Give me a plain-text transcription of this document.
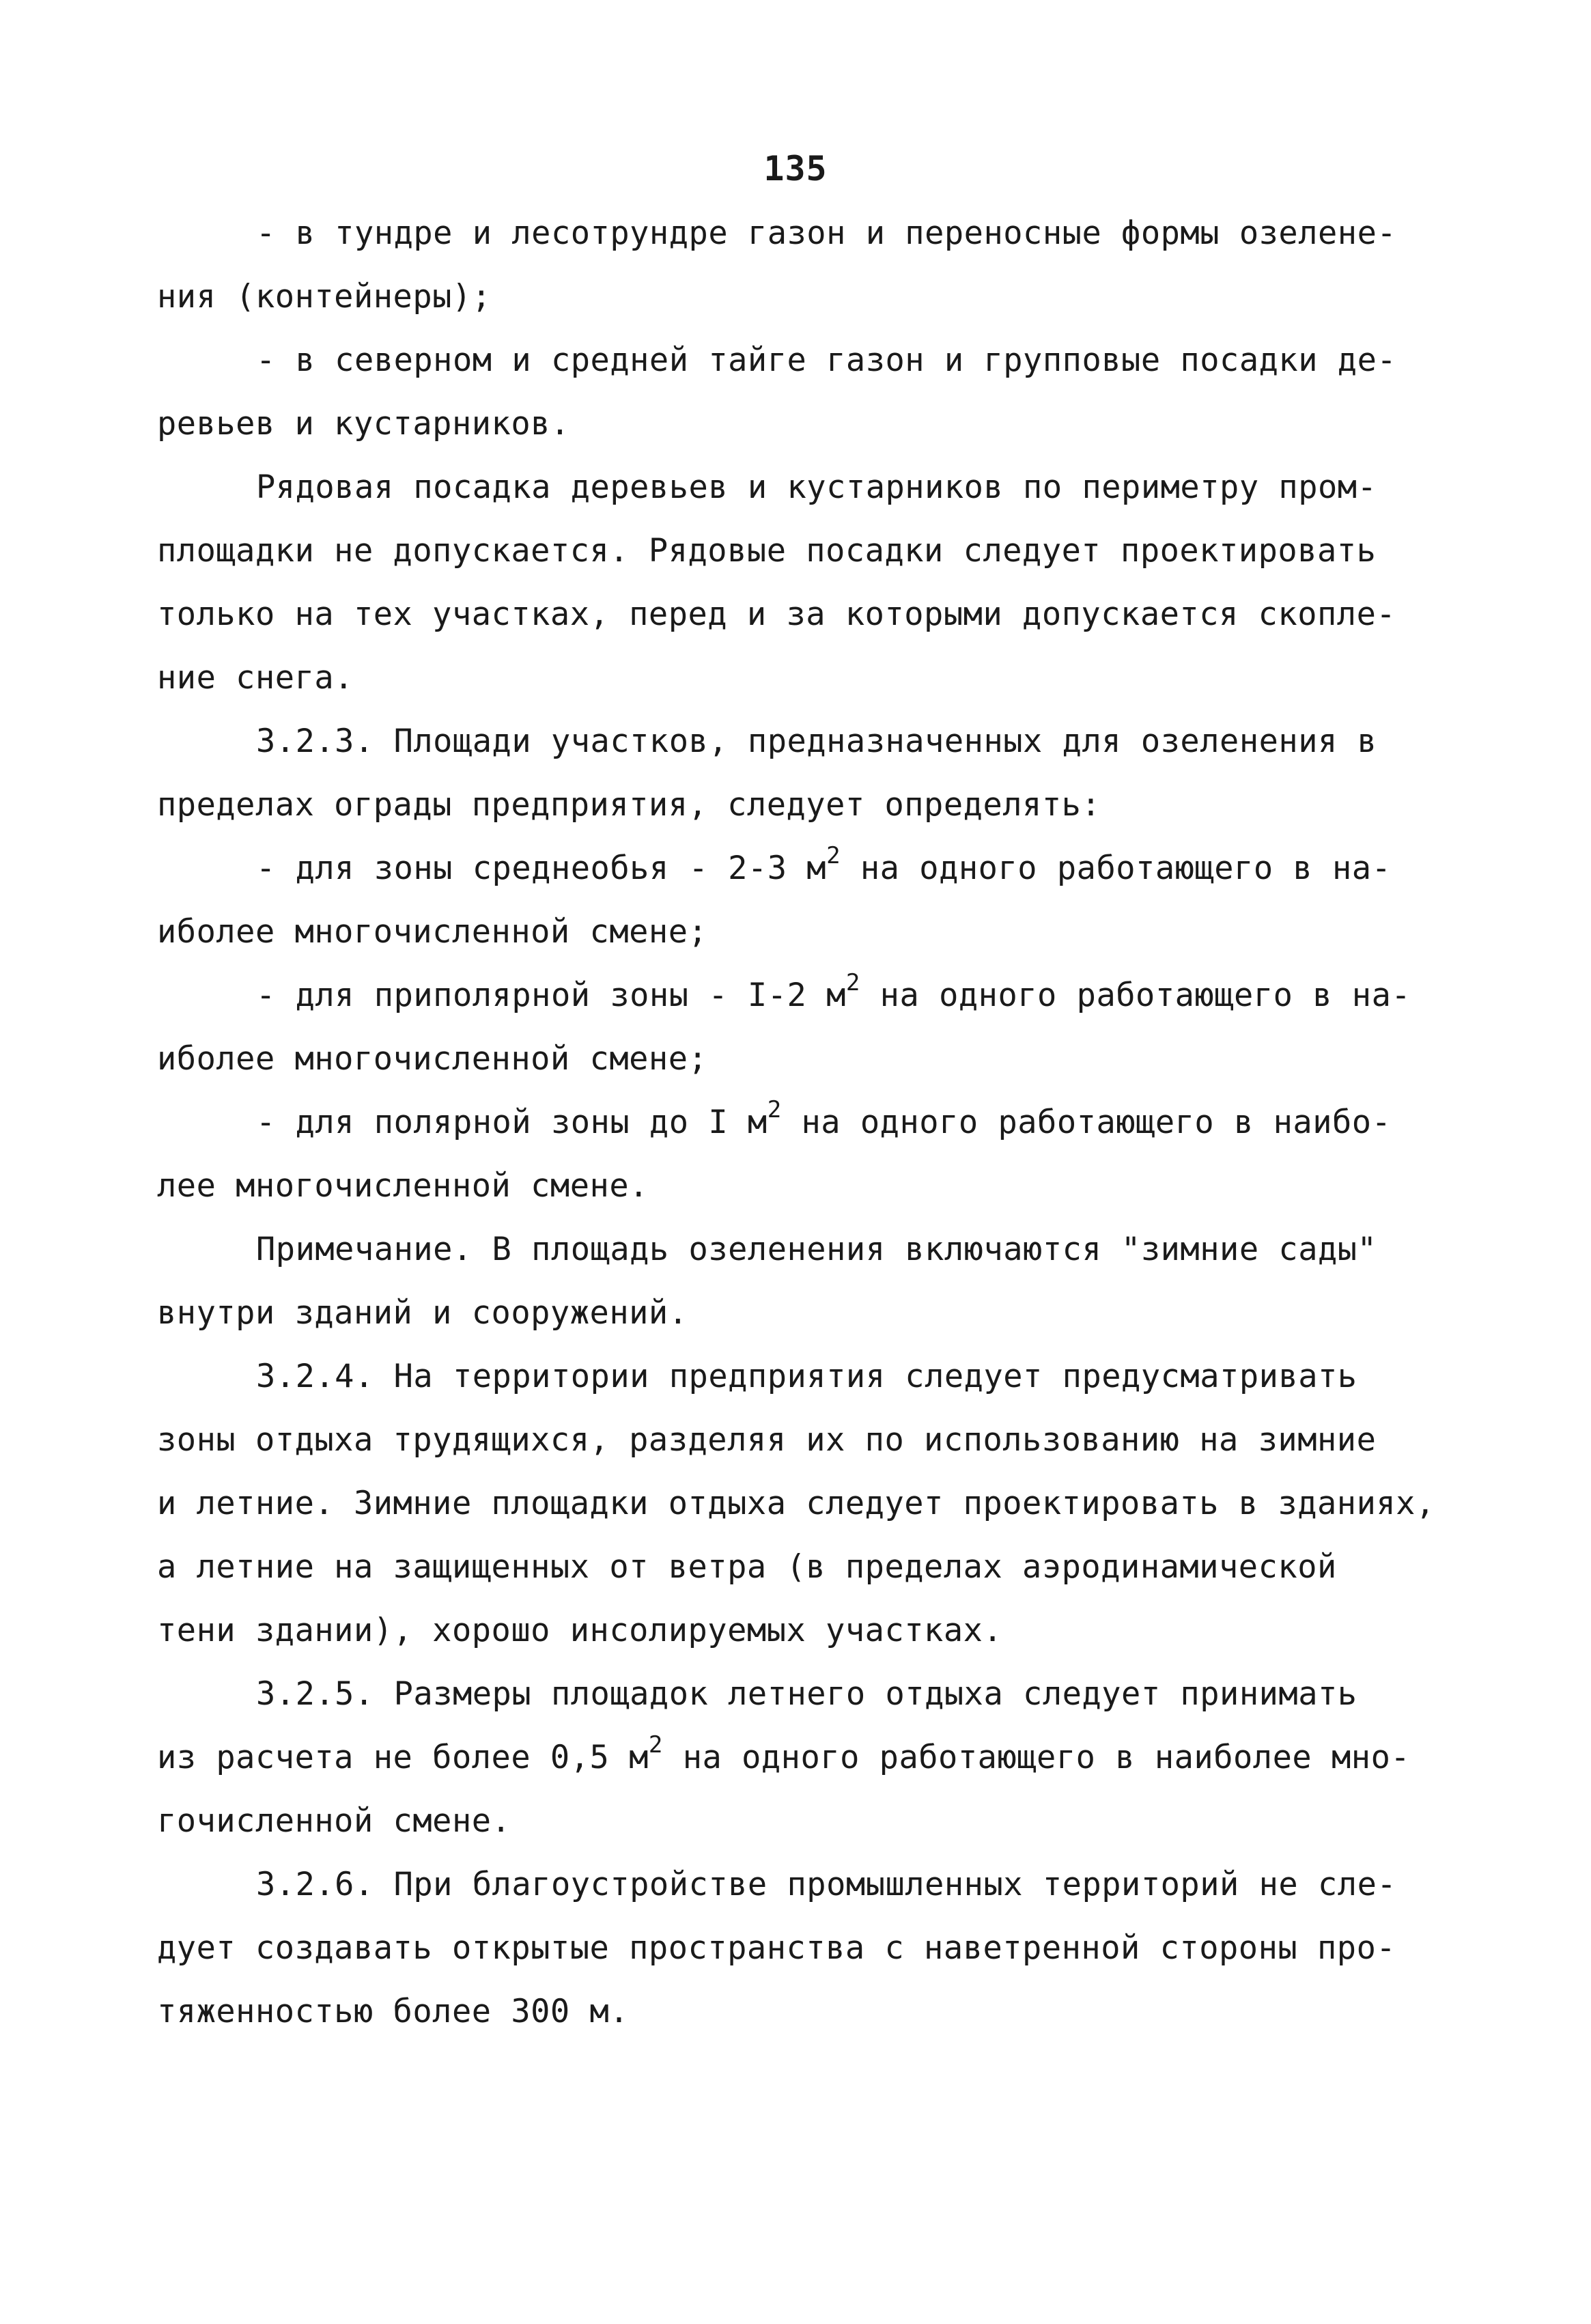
135
- в тундре и лесотрундре газон и переносные формы озелене-
ния (контейнеры);
- в северном и средней тайге газон и групповые посадки де-
ревьев и кустарников.
Рядовая посадка деревьев и кустарников по периметру пром-
площадки не допускается. Рядовые посадки следует проектировать
только на тех участках, перед и за которыми допускается скопле-
ние снега.
3.2.3. Площади участков, предназначенных для озеленения в
пределах ограды предприятия, следует определять:
- для зоны среднеобья - 2-3 $м^2$ на одного работающего в на-
иболее многочисленной смене;
- для приполярной зоны - I-2 $м^2$ на одного работающего в на-
иболее многочисленной смене;
- для полярной зоны до I $м^2$ на одного работающего в наибо-
лее многочисленной смене.
Примечание. В площадь озеленения включаются "зимние сады"
внутри зданий и сооружений.
3.2.4. На территории предприятия следует предусматривать
зоны отдыха трудящихся, разделяя их по использованию на зимние
и летние. Зимние площадки отдыха следует проектировать в зданиях,
а летние на защищенных от ветра (в пределах аэродинамической
тени здании), хорошо инсолируемых участках.
3.2.5. Размеры площадок летнего отдыха следует принимать
из расчета не более 0,5 $м^2$ на одного работающего в наиболее мно-
гочисленной смене.
3.2.6. При благоустройстве промышленных территорий не сле-
дует создавать открытые пространства с наветренной стороны про-
тяженностью более 300 м.
